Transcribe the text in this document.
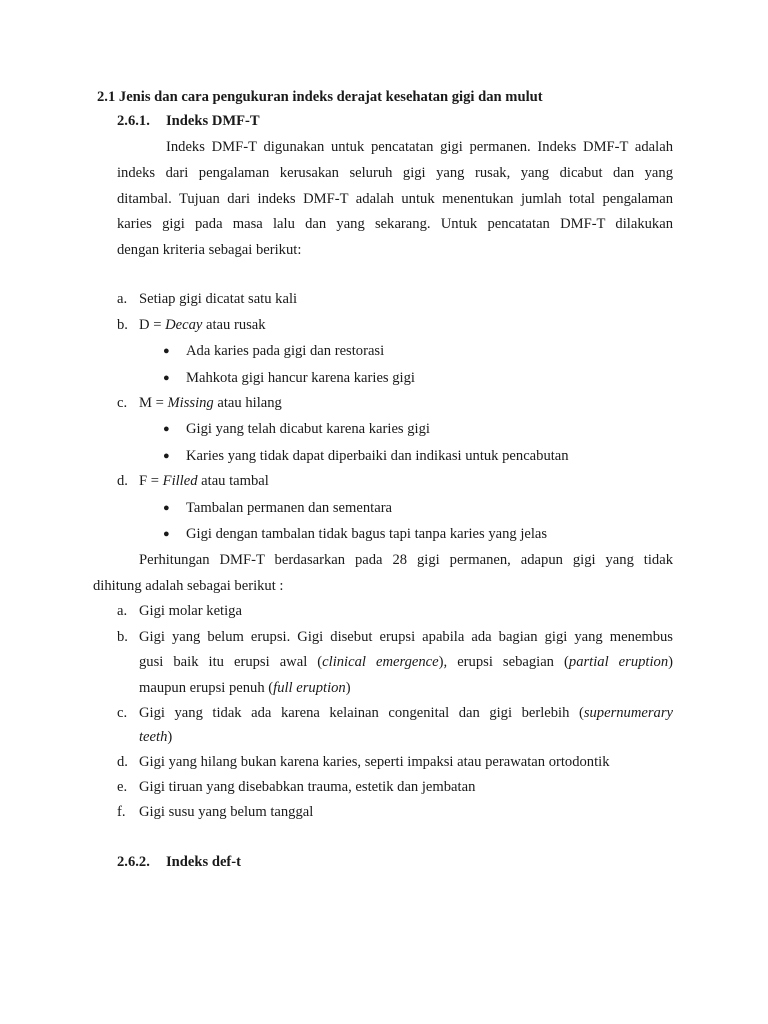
2.1 Jenis dan cara pengukuran indeks derajat kesehatan gigi dan mulut
2.6.1. Indeks DMF-T
Indeks DMF-T digunakan untuk pencatatan gigi permanen. Indeks DMF-T adalah
indeks dari pengalaman kerusakan seluruh gigi yang rusak, yang dicabut dan yang
ditambal. Tujuan dari indeks DMF-T adalah untuk menentukan jumlah total pengalaman
karies gigi pada masa lalu dan yang sekarang. Untuk pencatatan DMF-T dilakukan
dengan kriteria sebagai berikut:
a. Setiap gigi dicatat satu kali
b. D = Decay atau rusak
● Ada karies pada gigi dan restorasi
● Mahkota gigi hancur karena karies gigi
c. M = Missing atau hilang
● Gigi yang telah dicabut karena karies gigi
● Karies yang tidak dapat diperbaiki dan indikasi untuk pencabutan
d. F = Filled atau tambal
● Tambalan permanen dan sementara
● Gigi dengan tambalan tidak bagus tapi tanpa karies yang jelas
Perhitungan DMF-T berdasarkan pada 28 gigi permanen, adapun gigi yang tidak
dihitung adalah sebagai berikut :
a. Gigi molar ketiga
b. Gigi yang belum erupsi. Gigi disebut erupsi apabila ada bagian gigi yang menembus
gusi baik itu erupsi awal (clinical emergence), erupsi sebagian (partial eruption)
maupun erupsi penuh (full eruption)
c. Gigi yang tidak ada karena kelainan congenital dan gigi berlebih (supernumerary
teeth)
d. Gigi yang hilang bukan karena karies, seperti impaksi atau perawatan ortodontik
e. Gigi tiruan yang disebabkan trauma, estetik dan jembatan
f. Gigi susu yang belum tanggal
2.6.2. Indeks def-t
